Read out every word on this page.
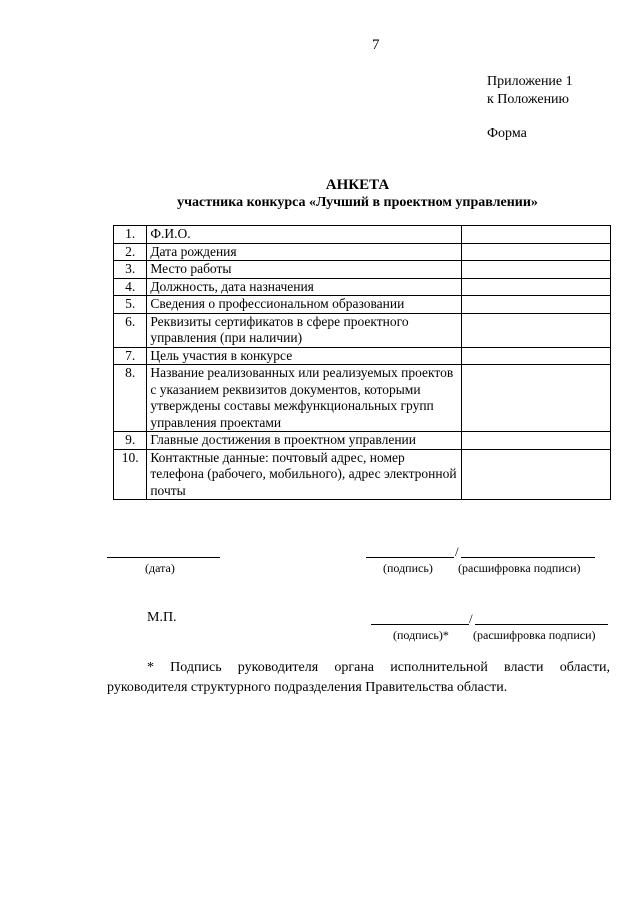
7
Приложение 1
к Положению
Форма
АНКЕТА
участника конкурса «Лучший в проектном управлении»
1.	Ф.И.О.	
2.	Дата рождения	
3.	Место работы	
4.	Должность, дата назначения	
5.	Сведения о профессиональном образовании	
6.	Реквизиты сертификатов в сфере проектного управления (при наличии)	
7.	Цель участия в конкурсе	
8.	Название реализованных или реализуемых проектов с указанием реквизитов документов, которыми утверждены составы межфункциональных групп управления проектами	
9.	Главные достижения в проектном управлении	
10.	Контактные данные: почтовый адрес, номер телефона (рабочего, мобильного), адрес электронной почты	
(дата)
/
(подпись) (расшифровка подписи)
М.П.	/
(подпись)* (расшифровка подписи)
* Подпись руководителя органа исполнительной власти области, руководителя структурного подразделения Правительства области.
